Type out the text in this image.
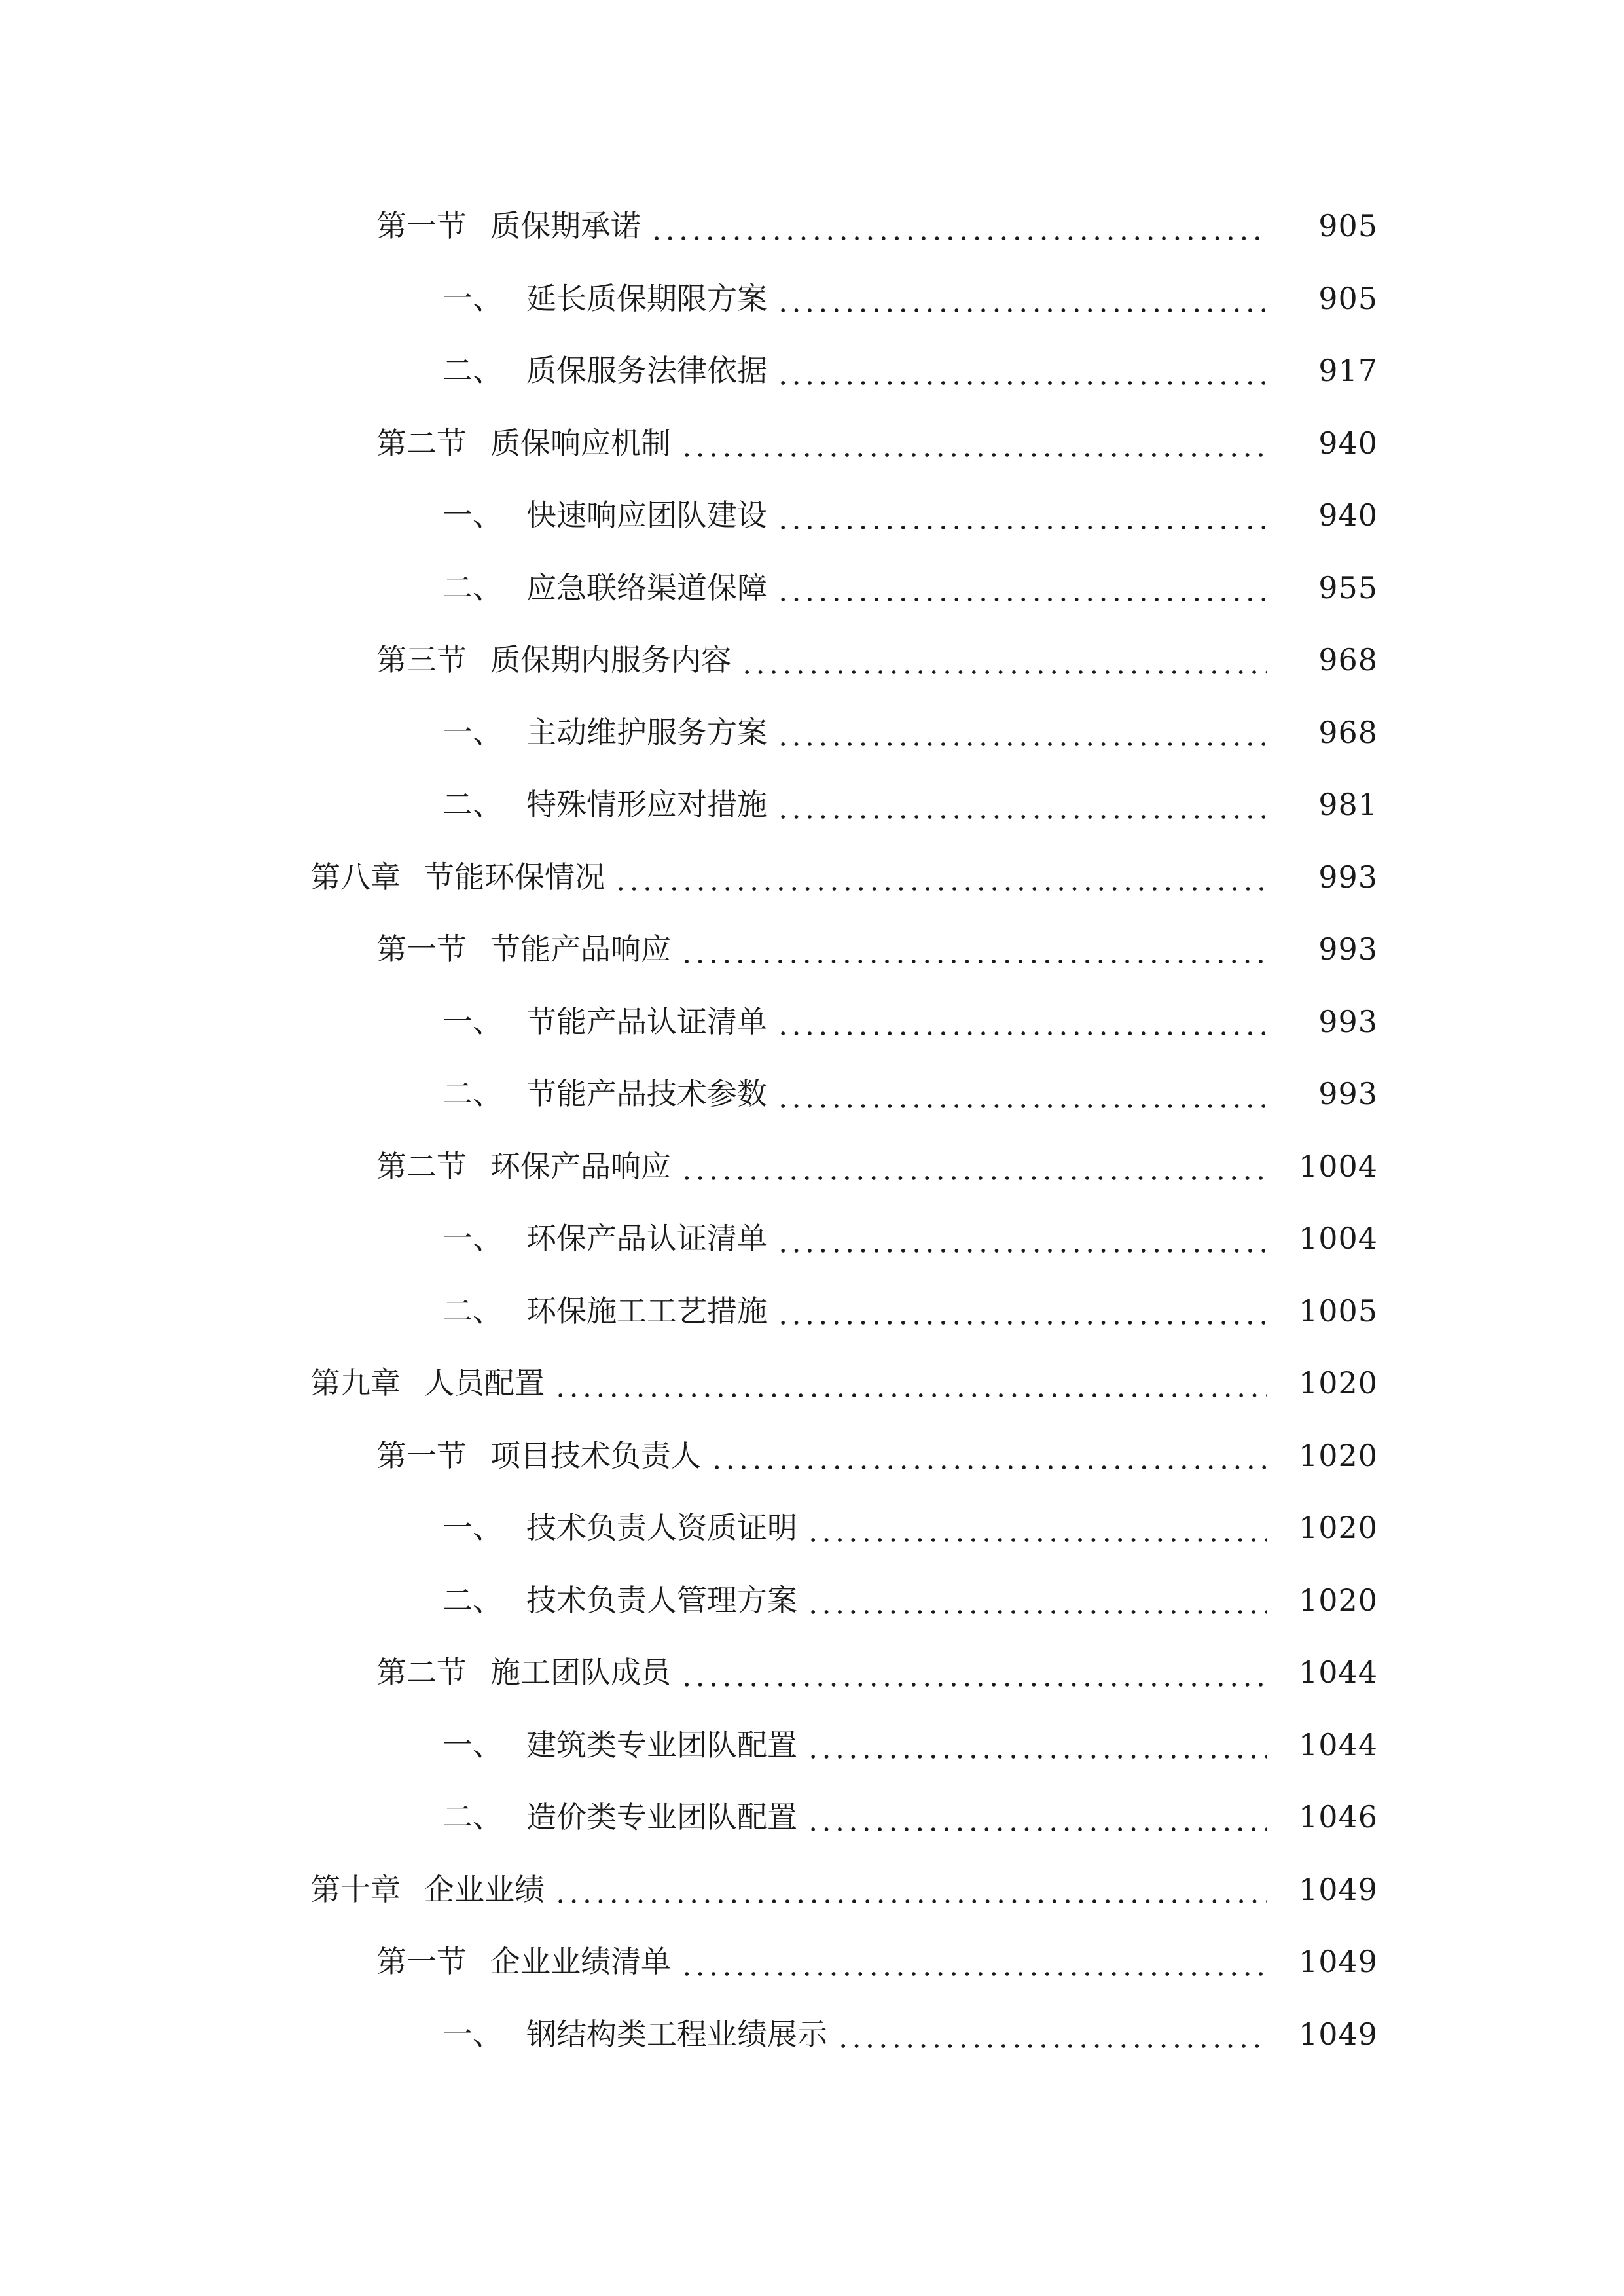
第一节 质保期承诺	905
一、 延长质保期限方案	905
二、 质保服务法律依据	917
第二节 质保响应机制	940
一、 快速响应团队建设	940
二、 应急联络渠道保障	955
第三节 质保期内服务内容	968
一、 主动维护服务方案	968
二、 特殊情形应对措施	981
第八章 节能环保情况	993
第一节 节能产品响应	993
一、 节能产品认证清单	993
二、 节能产品技术参数	993
第二节 环保产品响应	1004
一、 环保产品认证清单	1004
二、 环保施工工艺措施	1005
第九章 人员配置	1020
第一节 项目技术负责人	1020
一、 技术负责人资质证明	1020
二、 技术负责人管理方案	1020
第二节 施工团队成员	1044
一、 建筑类专业团队配置	1044
二、 造价类专业团队配置	1046
第十章 企业业绩	1049
第一节 企业业绩清单	1049
一、 钢结构类工程业绩展示	1049
